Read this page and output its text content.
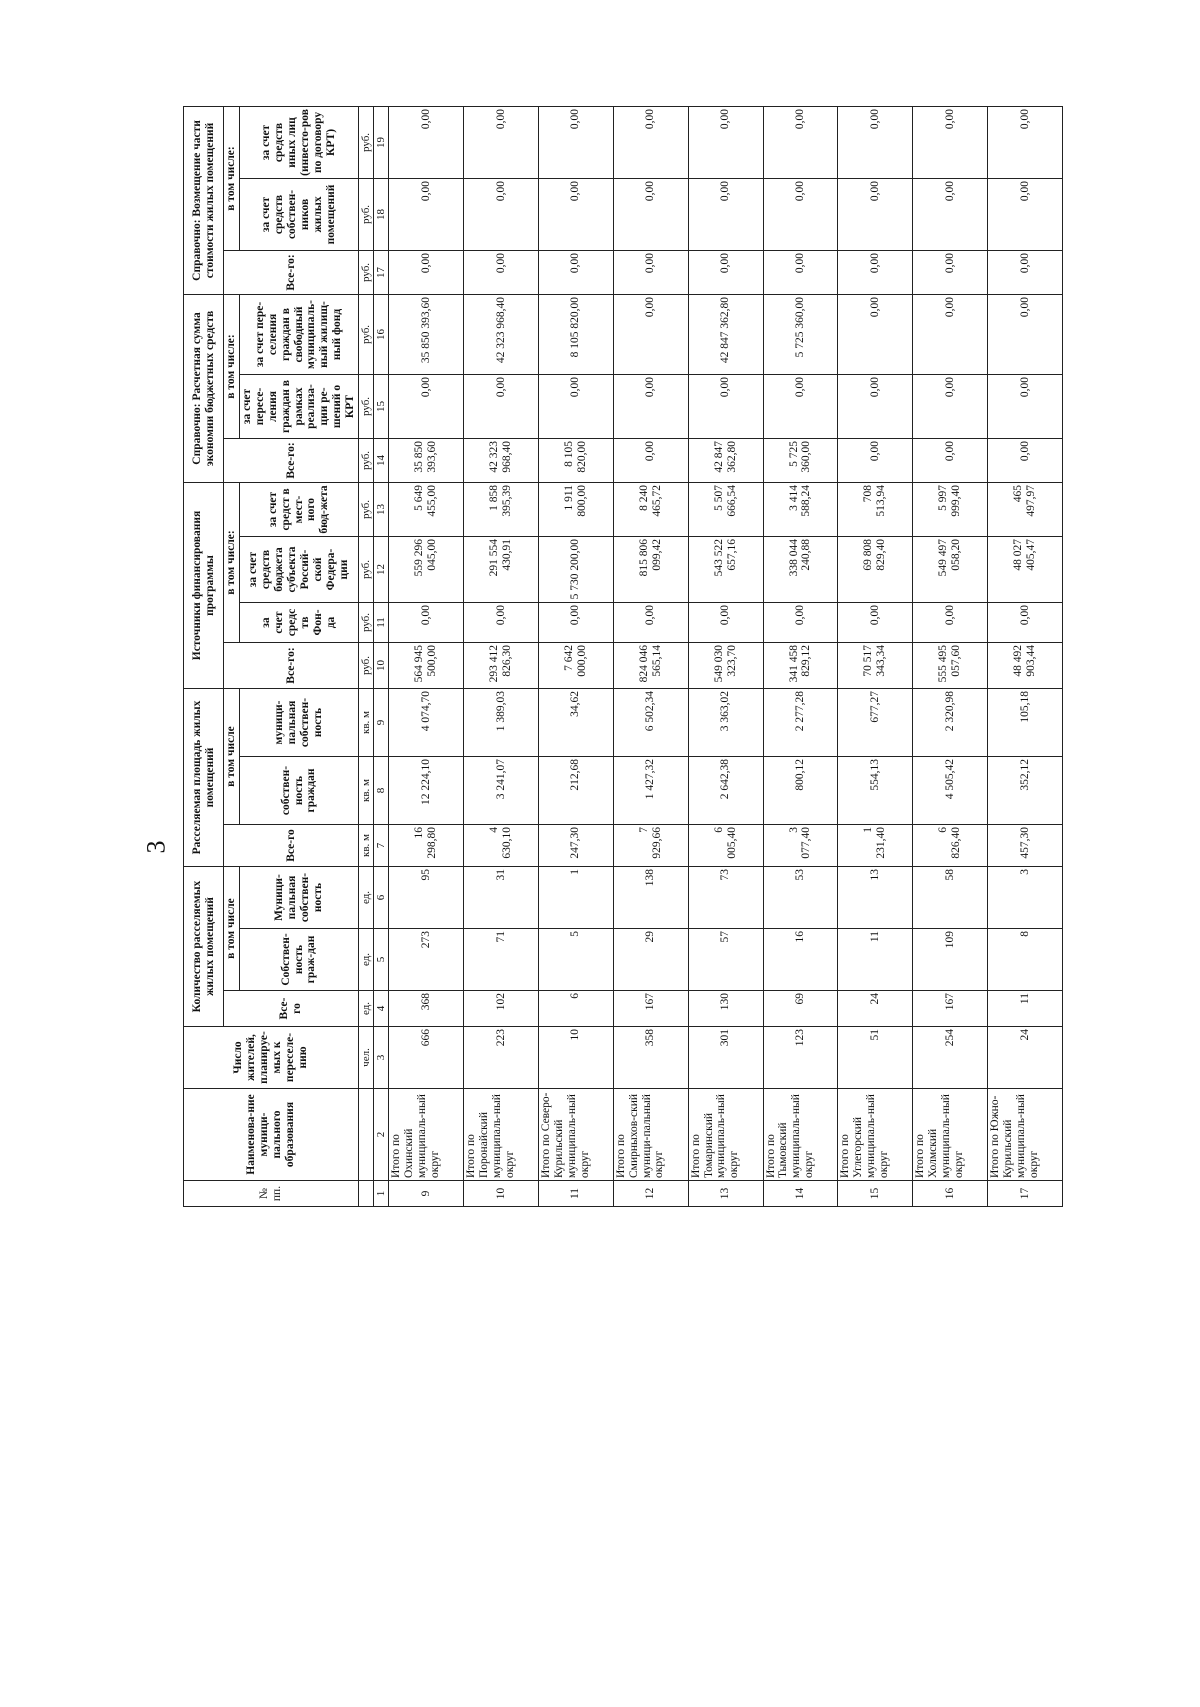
3
№ пп.	Наименова-ние муници-пального образования	Число жителей, планируе-мых к переселе-нию	Количество расселяемых жилых помещений			Расселяемая площадь жилых помещений			Источники финансирования программы				Справочно: Расчетная сумма экономии бюджетных средств			Справочно: Возмещение части стоимости жилых помещений		
			Все-го	в том числе		Все-го	в том числе		Все-го:	в том числе:			Все-го:	в том числе:		Все-го:	в том числе:	
				Собствен-ность граж-дан	Муници-пальная собствен-ность		собствен-ность граждан	муници-пальная собствен-ность		за счет средс тв Фон-да	за счет средств бюджета субъекта Россий-ской Федера-ции	за счет средст в мест-ного бюд-жета		за счет пересе-ления граждан в рамках реализа-ции ре-шений о КРТ	за счет пере-селения граждан в свободный муниципаль-ный жилищ-ный фонд		за счет средств собствен-ников жилых помещений	за счет средств иных лиц (инвесто-ров по договору КРТ)
		чел.	ед.	ед.	ед.	кв. м	кв. м	кв. м	руб.	руб.	руб.	руб.	руб.	руб.	руб.	руб.	руб.	руб.
1	2	3	4	5	6	7	8	9	10	11	12	13	14	15	16	17	18	19
9	Итого по Охинский муниципаль-ный округ	666	368	273	95	16 298,80	12 224,10	4 074,70	564 945 500,00	0,00	559 296 045,00	5 649 455,00	35 850 393,60	0,00	35 850 393,60	0,00	0,00	0,00
10	Итого по Поронайский муниципаль-ный округ	223	102	71	31	4 630,10	3 241,07	1 389,03	293 412 826,30	0,00	291 554 430,91	1 858 395,39	42 323 968,40	0,00	42 323 968,40	0,00	0,00	0,00
11	Итого по Северо-Курильский муниципаль-ный округ	10	6	5	1	247,30	212,68	34,62	7 642 000,00	0,00	5 730 200,00	1 911 800,00	8 105 820,00	0,00	8 105 820,00	0,00	0,00	0,00
12	Итого по Смирныхов-ский муници-пальный округ	358	167	29	138	7 929,66	1 427,32	6 502,34	824 046 565,14	0,00	815 806 099,42	8 240 465,72	0,00	0,00	0,00	0,00	0,00	0,00
13	Итого по Томаринский муниципаль-ный округ	301	130	57	73	6 005,40	2 642,38	3 363,02	549 030 323,70	0,00	543 522 657,16	5 507 666,54	42 847 362,80	0,00	42 847 362,80	0,00	0,00	0,00
14	Итого по Тымовский муниципаль-ный округ	123	69	16	53	3 077,40	800,12	2 277,28	341 458 829,12	0,00	338 044 240,88	3 414 588,24	5 725 360,00	0,00	5 725 360,00	0,00	0,00	0,00
15	Итого по Углегорский муниципаль-ный округ	51	24	11	13	1 231,40	554,13	677,27	70 517 343,34	0,00	69 808 829,40	708 513,94	0,00	0,00	0,00	0,00	0,00	0,00
16	Итого по Холмский муниципаль-ный округ	254	167	109	58	6 826,40	4 505,42	2 320,98	555 495 057,60	0,00	549 497 058,20	5 997 999,40	0,00	0,00	0,00	0,00	0,00	0,00
17	Итого по Южно-Курильский муниципаль-ный округ	24	11	8	3	457,30	352,12	105,18	48 492 903,44	0,00	48 027 405,47	465 497,97	0,00	0,00	0,00	0,00	0,00	0,00
